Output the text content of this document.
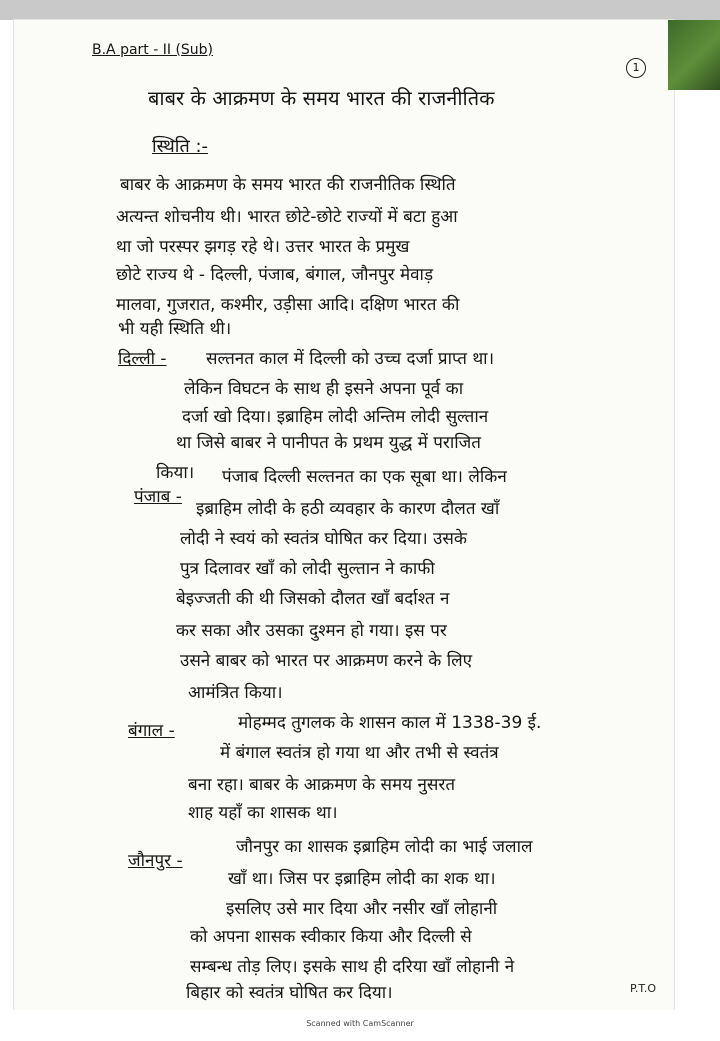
B.A part - II (Sub)
1
बाबर के आक्रमण के समय भारत की राजनीतिक
स्थिति :-
बाबर के आक्रमण के समय भारत की राजनीतिक स्थिति
अत्यन्त शोचनीय थी। भारत छोटे-छोटे राज्यों में बटा हुआ
था जो परस्पर झगड़ रहे थे। उत्तर भारत के प्रमुख
छोटे राज्य थे - दिल्ली, पंजाब, बंगाल, जौनपुर मेवाड़
मालवा, गुजरात, कश्मीर, उड़ीसा आदि। दक्षिण भारत की
भी यही स्थिति थी।
दिल्ली - सल्तनत काल में दिल्ली को उच्च दर्जा प्राप्त था।
लेकिन विघटन के साथ ही इसने अपना पूर्व का
दर्जा खो दिया। इब्राहिम लोदी अन्तिम लोदी सुल्तान
था जिसे बाबर ने पानीपत के प्रथम युद्ध में पराजित
किया।
पंजाब -
पंजाब दिल्ली सल्तनत का एक सूबा था। लेकिन
इब्राहिम लोदी के हठी व्यवहार के कारण दौलत खाँ
लोदी ने स्वयं को स्वतंत्र घोषित कर दिया। उसके
पुत्र दिलावर खाँ को लोदी सुल्तान ने काफी
बेइज्जती की थी जिसको दौलत खाँ बर्दाश्त न
कर सका और उसका दुश्मन हो गया। इस पर
उसने बाबर को भारत पर आक्रमण करने के लिए
आमंत्रित किया।
बंगाल -	मोहम्मद तुगलक के शासन काल में 1338-39 ई.
में बंगाल स्वतंत्र हो गया था और तभी से स्वतंत्र
बना रहा। बाबर के आक्रमण के समय नुसरत
शाह यहाँ का शासक था।
जौनपुर -
जौनपुर का शासक इब्राहिम लोदी का भाई जलाल
खाँ था। जिस पर इब्राहिम लोदी का शक था।
इसलिए उसे मार दिया और नसीर खाँ लोहानी
को अपना शासक स्वीकार किया और दिल्ली से
सम्बन्ध तोड़ लिए। इसके साथ ही दरिया खाँ लोहानी ने
बिहार को स्वतंत्र घोषित कर दिया।	P.T.O
Scanned with CamScanner
